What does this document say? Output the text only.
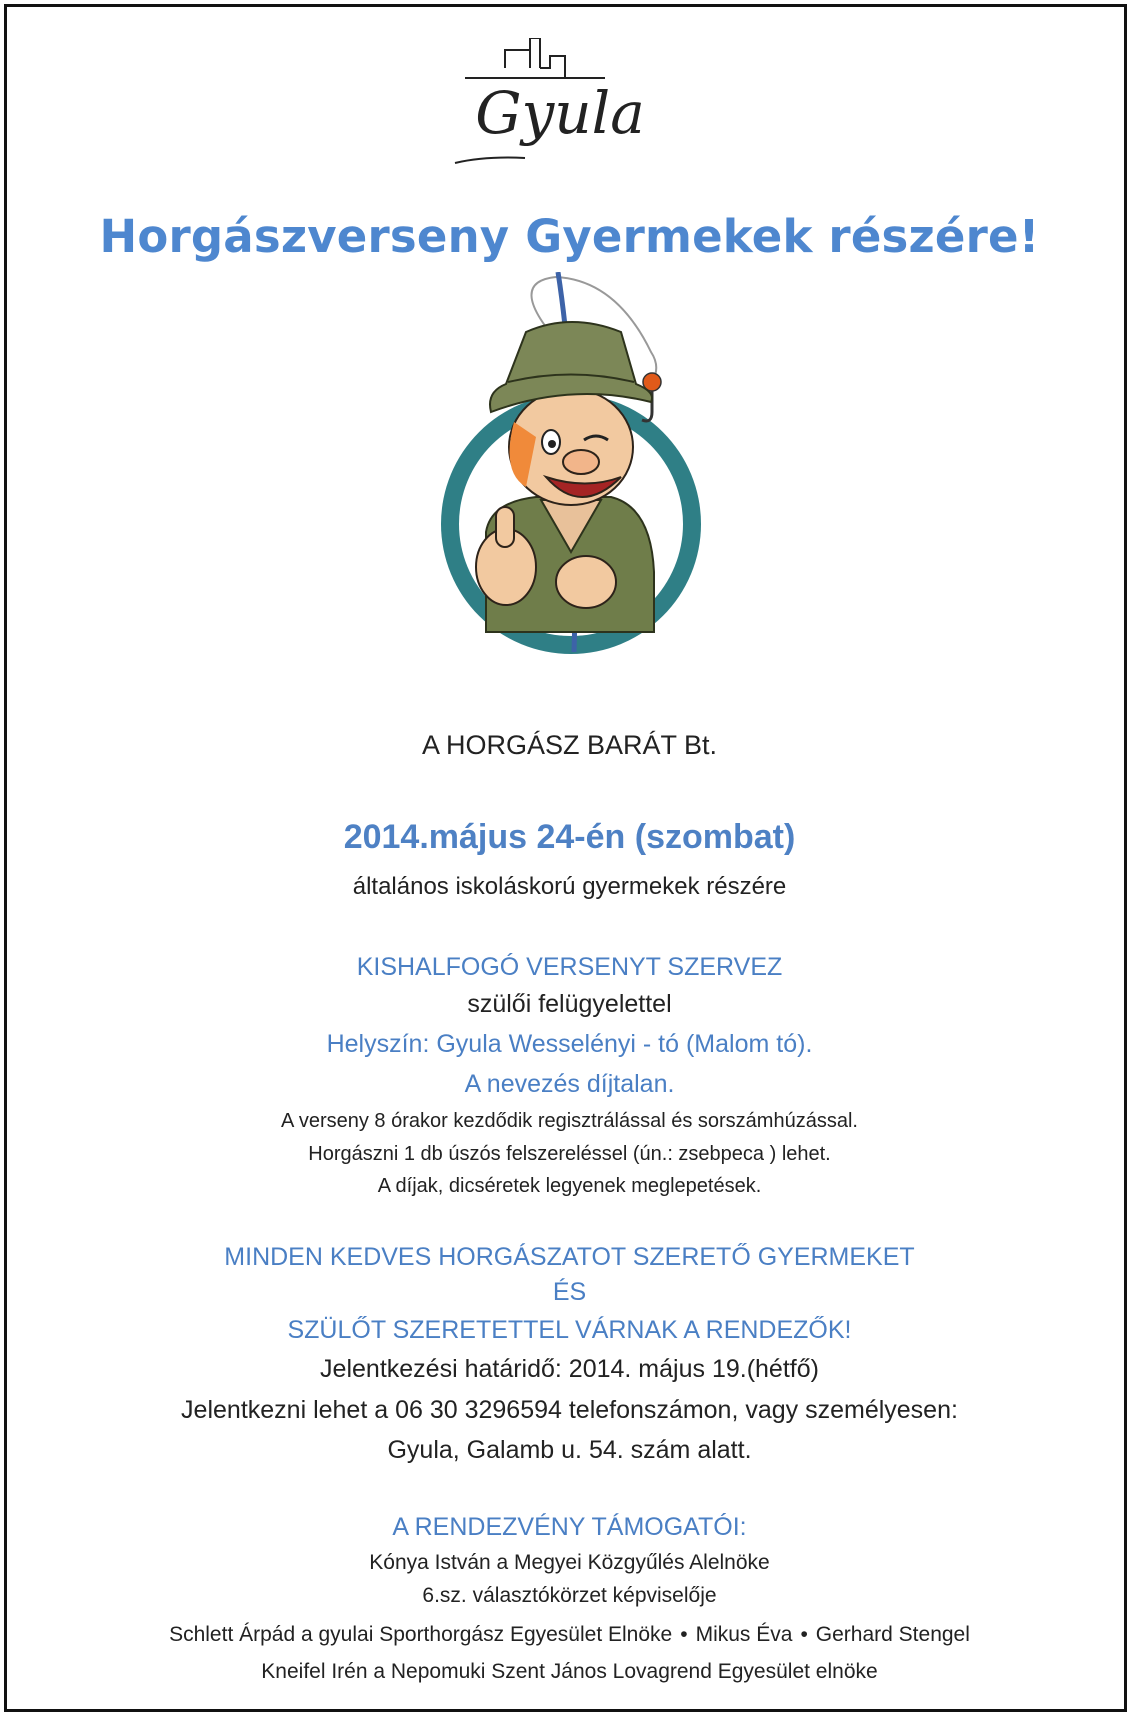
Gyula
Horgászverseny Gyermekek részére!
A HORGÁSZ BARÁT Bt.
2014.május 24-én (szombat)
általános iskoláskorú gyermekek részére
KISHALFOGÓ VERSENYT SZERVEZ
szülői felügyelettel
Helyszín: Gyula Wesselényi - tó (Malom tó).
A nevezés díjtalan.
A verseny 8 órakor kezdődik regisztrálással és sorszámhúzással.
Horgászni 1 db úszós felszereléssel (ún.: zsebpeca ) lehet.
A díjak, dicséretek legyenek meglepetések.
MINDEN KEDVES HORGÁSZATOT SZERETŐ GYERMEKET
ÉS
SZÜLŐT SZERETETTEL VÁRNAK A RENDEZŐK!
Jelentkezési határidő: 2014. május 19.(hétfő)
Jelentkezni lehet a 06 30 3296594 telefonszámon, vagy személyesen:
Gyula, Galamb u. 54. szám alatt.
A RENDEZVÉNY TÁMOGATÓI:
Kónya István a Megyei Közgyűlés Alelnöke
6.sz. választókörzet képviselője
Schlett Árpád a gyulai Sporthorgász Egyesület Elnöke • Mikus Éva • Gerhard Stengel
Kneifel Irén a Nepomuki Szent János Lovagrend Egyesület elnöke
